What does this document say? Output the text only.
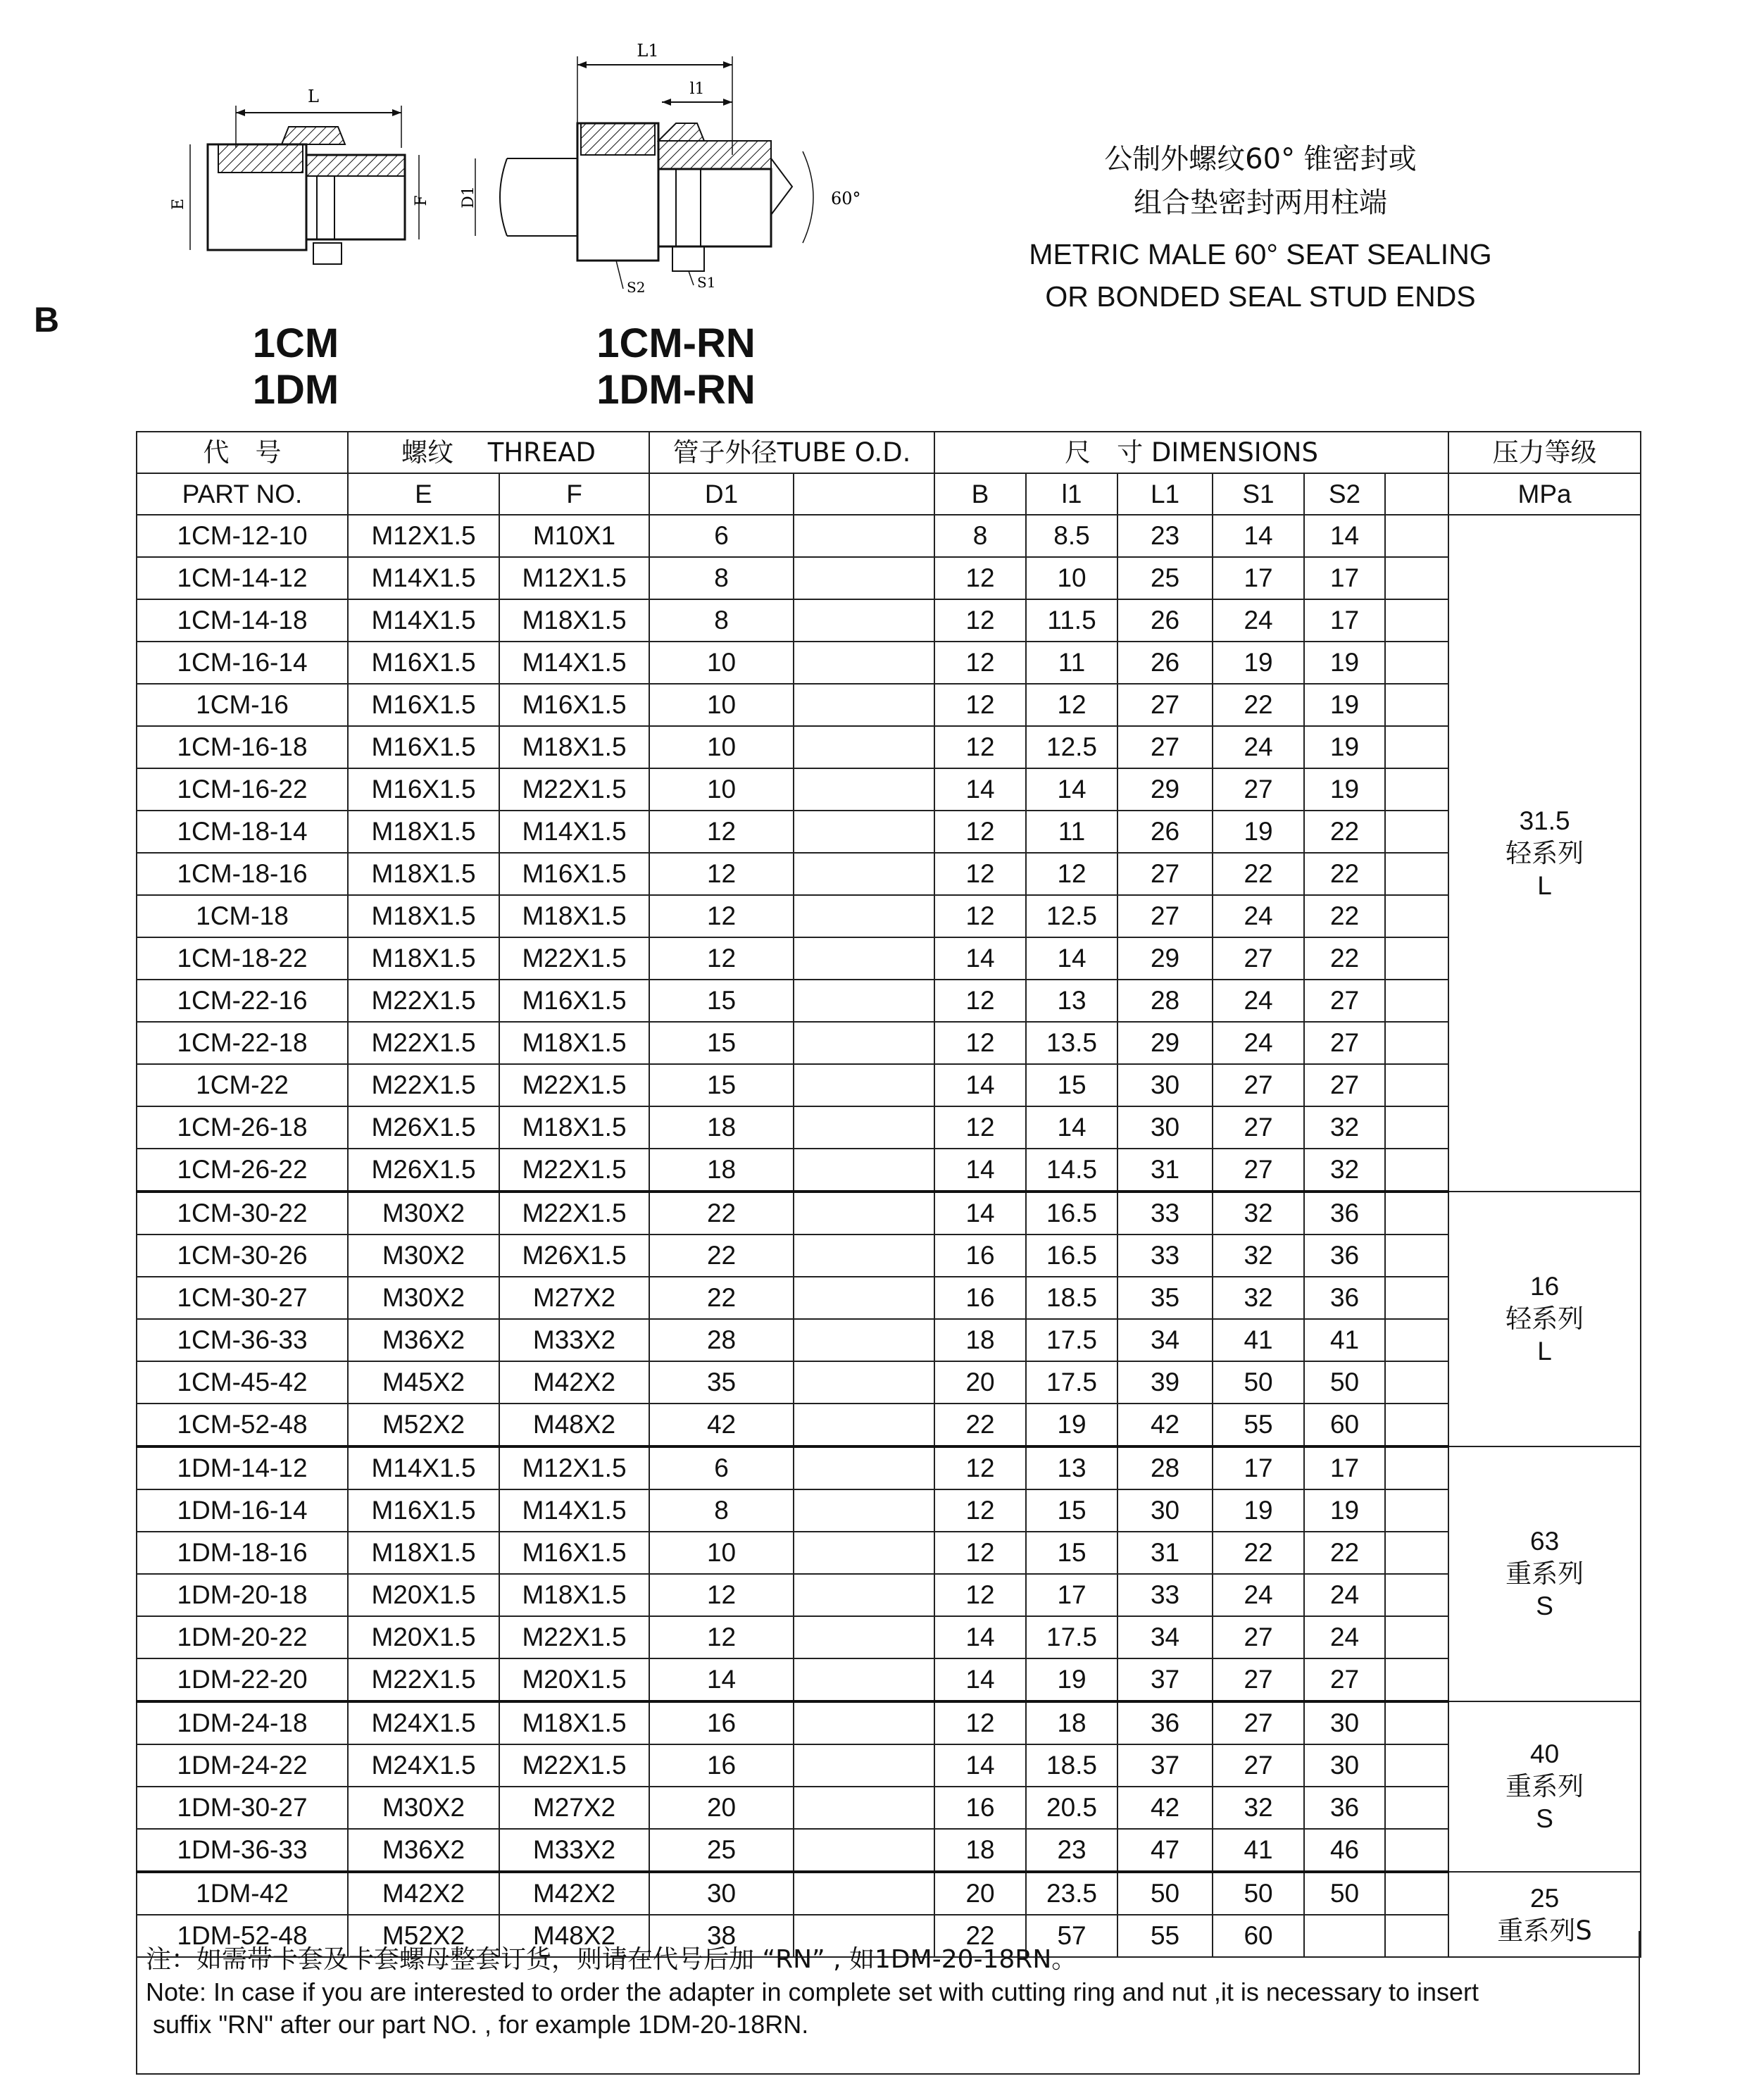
B
L
E	F
L1
l1
D1	60°
S2	S1
1CM
1DM
1CM-RN
1DM-RN
公制外螺纹60° 锥密封或
组合垫密封两用柱端
METRIC MALE 60° SEAT SEALING
OR BONDED SEAL STUD ENDS
代　号	螺纹　 THREAD		管子外径TUBE O.D.		尺　寸 DIMENSIONS						压力等级
PART NO.	E	F	D1		B	l1	L1	S1	S2		MPa
1CM-12-10	M12X1.5	M10X1	6		8	8.5	23	14	14		31.5
轻系列
L

1CM-14-12	M14X1.5	M12X1.5	8		12	10	25	17	17		
1CM-14-18	M14X1.5	M18X1.5	8		12	11.5	26	24	17		
1CM-16-14	M16X1.5	M14X1.5	10		12	11	26	19	19		
1CM-16	M16X1.5	M16X1.5	10		12	12	27	22	19		
1CM-16-18	M16X1.5	M18X1.5	10		12	12.5	27	24	19		
1CM-16-22	M16X1.5	M22X1.5	10		14	14	29	27	19		
1CM-18-14	M18X1.5	M14X1.5	12		12	11	26	19	22		
1CM-18-16	M18X1.5	M16X1.5	12		12	12	27	22	22		
1CM-18	M18X1.5	M18X1.5	12		12	12.5	27	24	22		
1CM-18-22	M18X1.5	M22X1.5	12		14	14	29	27	22		
1CM-22-16	M22X1.5	M16X1.5	15		12	13	28	24	27		
1CM-22-18	M22X1.5	M18X1.5	15		12	13.5	29	24	27		
1CM-22	M22X1.5	M22X1.5	15		14	15	30	27	27		
1CM-26-18	M26X1.5	M18X1.5	18		12	14	30	27	32		
1CM-26-22	M26X1.5	M22X1.5	18		14	14.5	31	27	32		
1CM-30-22	M30X2	M22X1.5	22		14	16.5	33	32	36		16
轻系列
L

1CM-30-26	M30X2	M26X1.5	22		16	16.5	33	32	36		
1CM-30-27	M30X2	M27X2	22		16	18.5	35	32	36		
1CM-36-33	M36X2	M33X2	28		18	17.5	34	41	41		
1CM-45-42	M45X2	M42X2	35		20	17.5	39	50	50		
1CM-52-48	M52X2	M48X2	42		22	19	42	55	60		
1DM-14-12	M14X1.5	M12X1.5	6		12	13	28	17	17		63
重系列
S

1DM-16-14	M16X1.5	M14X1.5	8		12	15	30	19	19		
1DM-18-16	M18X1.5	M16X1.5	10		12	15	31	22	22		
1DM-20-18	M20X1.5	M18X1.5	12		12	17	33	24	24		
1DM-20-22	M20X1.5	M22X1.5	12		14	17.5	34	27	24		
1DM-22-20	M22X1.5	M20X1.5	14		14	19	37	27	27		
1DM-24-18	M24X1.5	M18X1.5	16		12	18	36	27	30		40
重系列
S

1DM-24-22	M24X1.5	M22X1.5	16		14	18.5	37	27	30		
1DM-30-27	M30X2	M27X2	20		16	20.5	42	32	36		
1DM-36-33	M36X2	M33X2	25		18	23	47	41	46		
1DM-42	M42X2	M42X2	30		20	23.5	50	50	50		25
重系列S

1DM-52-48	M52X2	M48X2	38		22	57	55	60			
注：如需带卡套及卡套螺母整套订货，则请在代号后加 “RN” , 如1DM-20-18RN。
Note: In case if you are interested to order the adapter in complete set with cutting ring and nut ,it is necessary to insert
suffix "RN" after our part NO. , for example 1DM-20-18RN.
